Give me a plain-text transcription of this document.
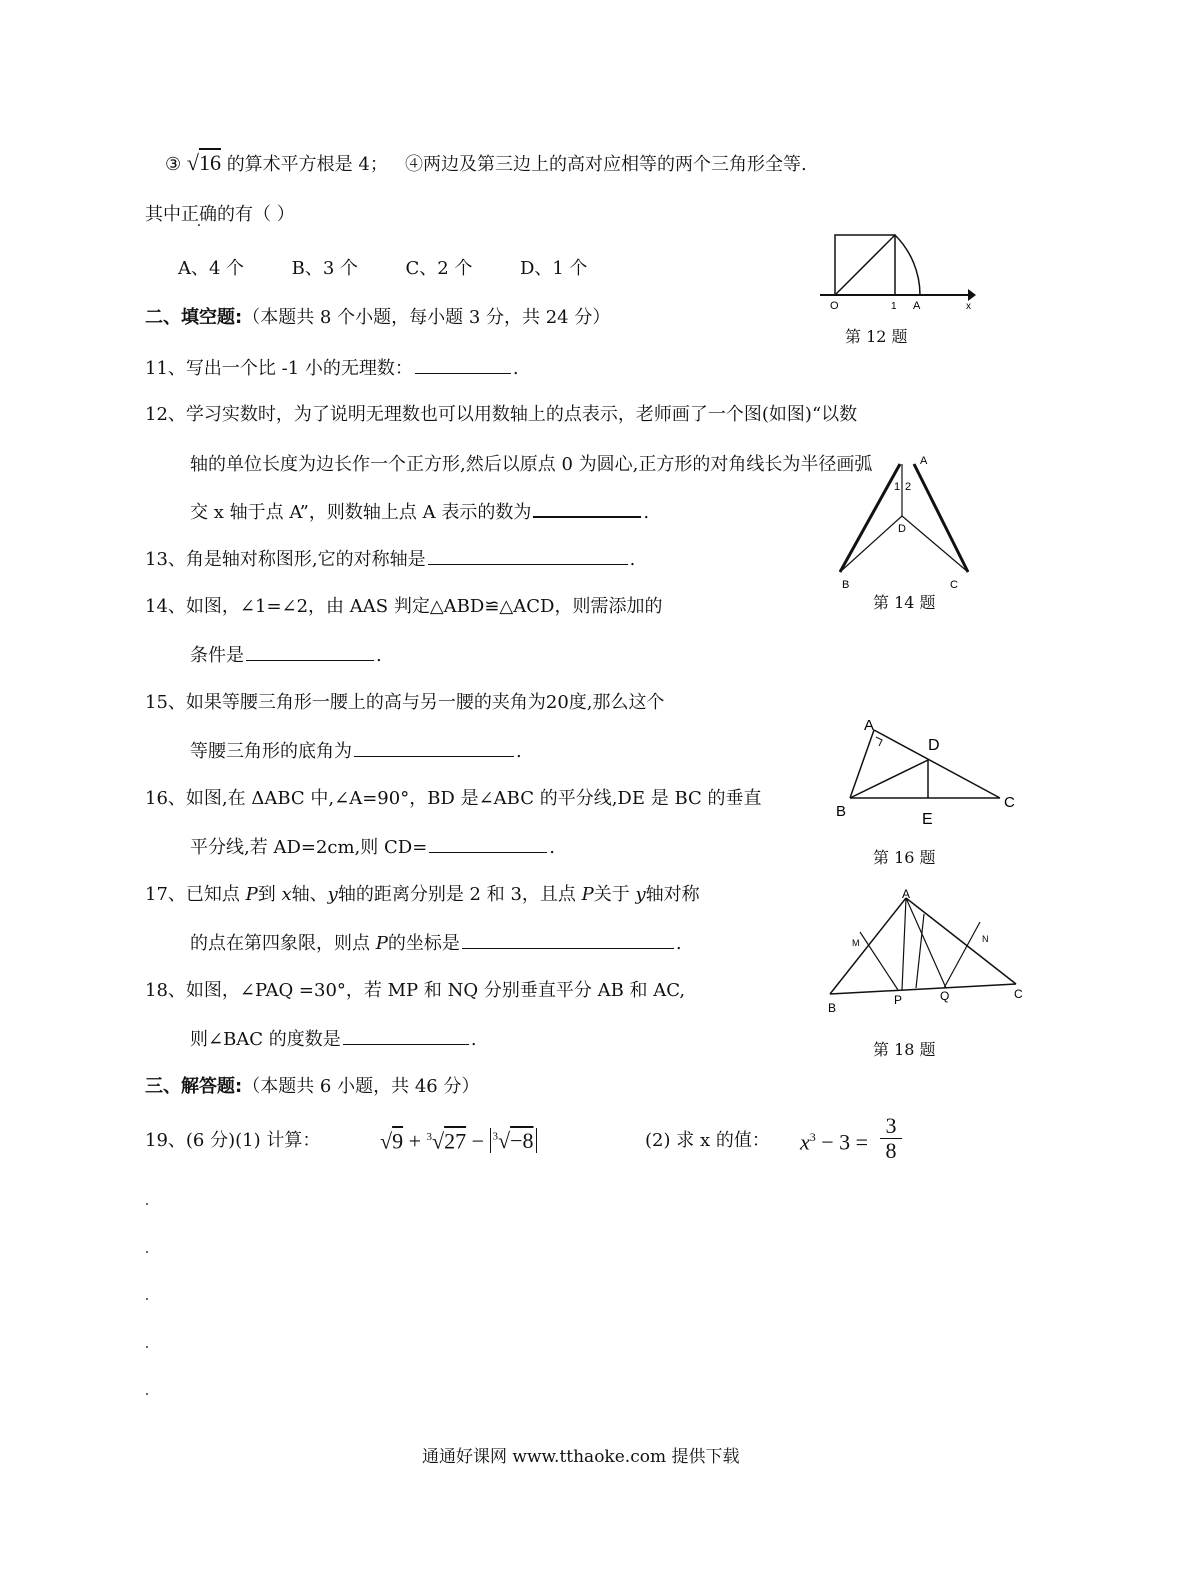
③ √16 的算术平方根是 4； ④两边及第三边上的高对应相等的两个三角形全等.
其中正确的有（ ）
A、4 个	B、3 个	C、2 个	D、1 个
二、填空题:（本题共 8 个小题，每小题 3 分，共 24 分）
11、写出一个比 -1 小的无理数：	.
12、学习实数时，为了说明无理数也可以用数轴上的点表示，老师画了一个图(如图)“以数
轴的单位长度为边长作一个正方形,然后以原点 0 为圆心,正方形的对角线长为半径画弧
交 x 轴于点 A”，则数轴上点 A 表示的数为	.
13、角是轴对称图形,它的对称轴是	.
14、如图，∠1=∠2，由 AAS 判定△ABD≌△ACD，则需添加的
条件是	.
15、如果等腰三角形一腰上的高与另一腰的夹角为20度,那么这个
等腰三角形的底角为	.
16、如图,在 ΔABC 中,∠A=90°，BD 是∠ABC 的平分线,DE 是 BC 的垂直
平分线,若 AD=2cm,则 CD=	.
17、已知点 P到 x轴、y轴的距离分别是 2 和 3，且点 P关于 y轴对称
的点在第四象限，则点 P的坐标是	.
18、如图，∠PAQ =30°，若 MP 和 NQ 分别垂直平分 AB 和 AC,
则∠BAC 的度数是	.
三、解答题:（本题共 6 小题，共 46 分）
19、(6 分)(1) 计算：	√9 + $^3$√27 − $^3$√−8	(2) 求 x 的值： $x^3 - 3$ =
3
8
O	1 A	x
第 12 题
A
1 2
D
B	C
第 14 题
A
D
B	E
C
第 16 题
A
M	N
B
P	Q	C
第 18 题
通通好课网 www.tthaoke.com 提供下载
